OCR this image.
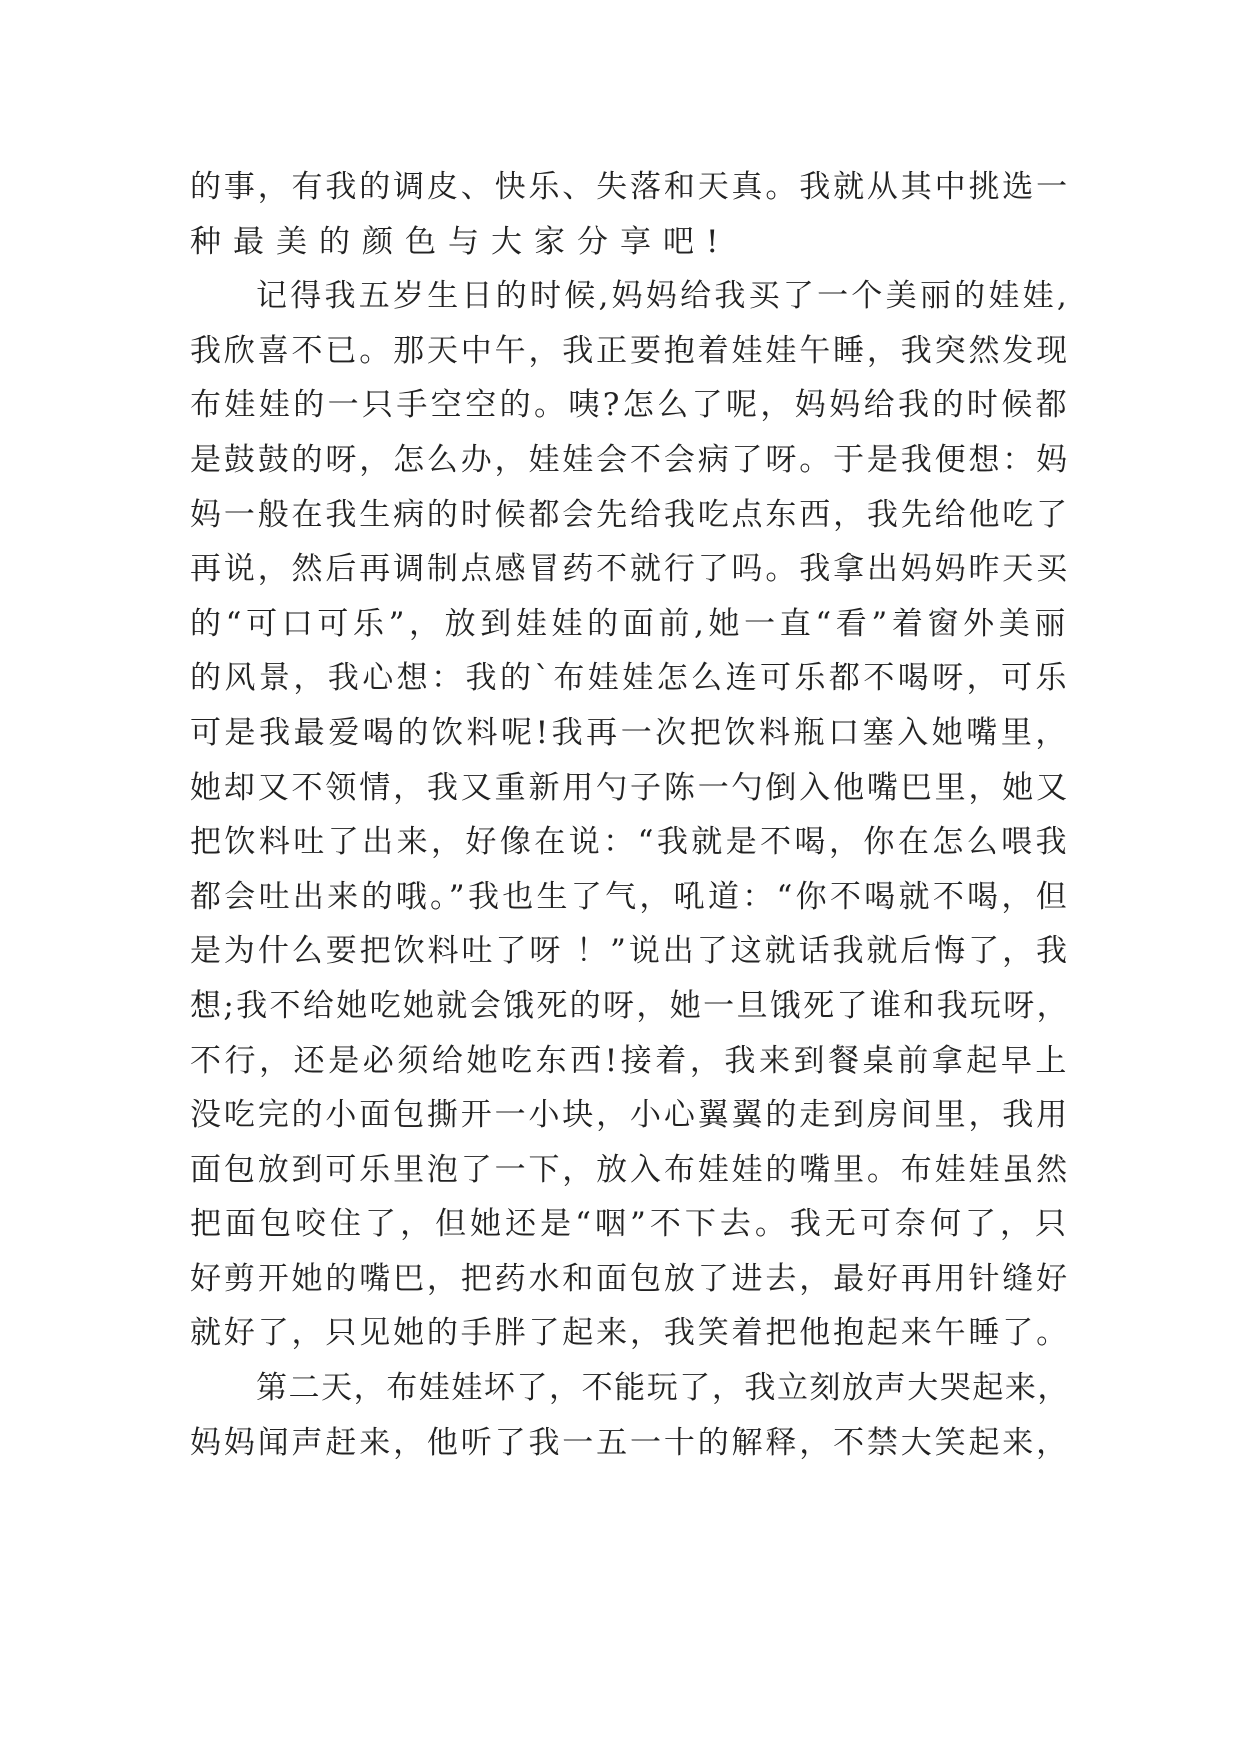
的事，有我的调皮、快乐、失落和天真。我就从其中挑选一
种最美的颜色与大家分享吧!
记得我五岁生日的时候,妈妈给我买了一个美丽的娃娃,
我欣喜不已。那天中午，我正要抱着娃娃午睡，我突然发现
布娃娃的一只手空空的。咦?怎么了呢，妈妈给我的时候都
是鼓鼓的呀，怎么办，娃娃会不会病了呀。于是我便想：妈
妈一般在我生病的时候都会先给我吃点东西，我先给他吃了
再说，然后再调制点感冒药不就行了吗。我拿出妈妈昨天买
的“可口可乐”，放到娃娃的面前,她一直“看”着窗外美丽
的风景，我心想：我的`布娃娃怎么连可乐都不喝呀，可乐
可是我最爱喝的饮料呢!我再一次把饮料瓶口塞入她嘴里，
她却又不领情，我又重新用勺子陈一勺倒入他嘴巴里，她又
把饮料吐了出来，好像在说：“我就是不喝，你在怎么喂我
都会吐出来的哦。”我也生了气，吼道：“你不喝就不喝，但
是为什么要把饮料吐了呀 ！”说出了这就话我就后悔了，我
想;我不给她吃她就会饿死的呀，她一旦饿死了谁和我玩呀，
不行，还是必须给她吃东西!接着，我来到餐桌前拿起早上
没吃完的小面包撕开一小块，小心翼翼的走到房间里，我用
面包放到可乐里泡了一下，放入布娃娃的嘴里。布娃娃虽然
把面包咬住了，但她还是“咽”不下去。我无可奈何了，只
好剪开她的嘴巴，把药水和面包放了进去，最好再用针缝好
就好了，只见她的手胖了起来，我笑着把他抱起来午睡了。
第二天，布娃娃坏了，不能玩了，我立刻放声大哭起来，
妈妈闻声赶来，他听了我一五一十的解释，不禁大笑起来，
